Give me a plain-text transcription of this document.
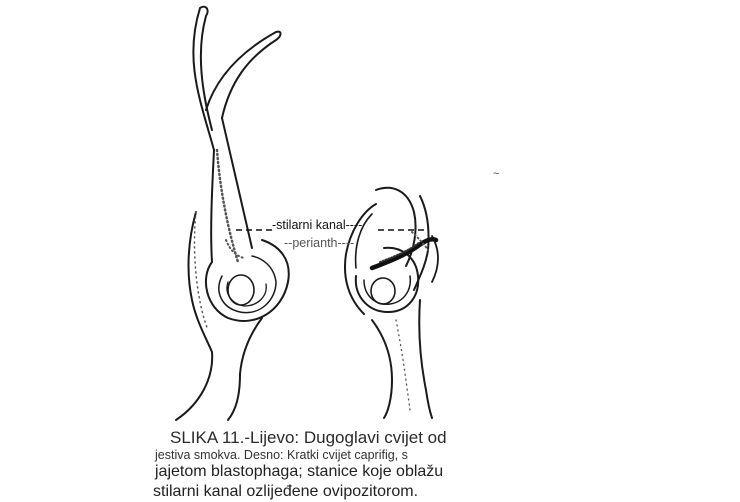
-stilarni kanal----
--perianth----
~
SLIKA 11.-Lijevo: Dugoglavi cvijet od
jestiva smokva. Desno: Kratki cvijet caprifig, s
jajetom blastophaga; stanice koje oblažu
stilarni kanal ozlijeđene ovipozitorom.
